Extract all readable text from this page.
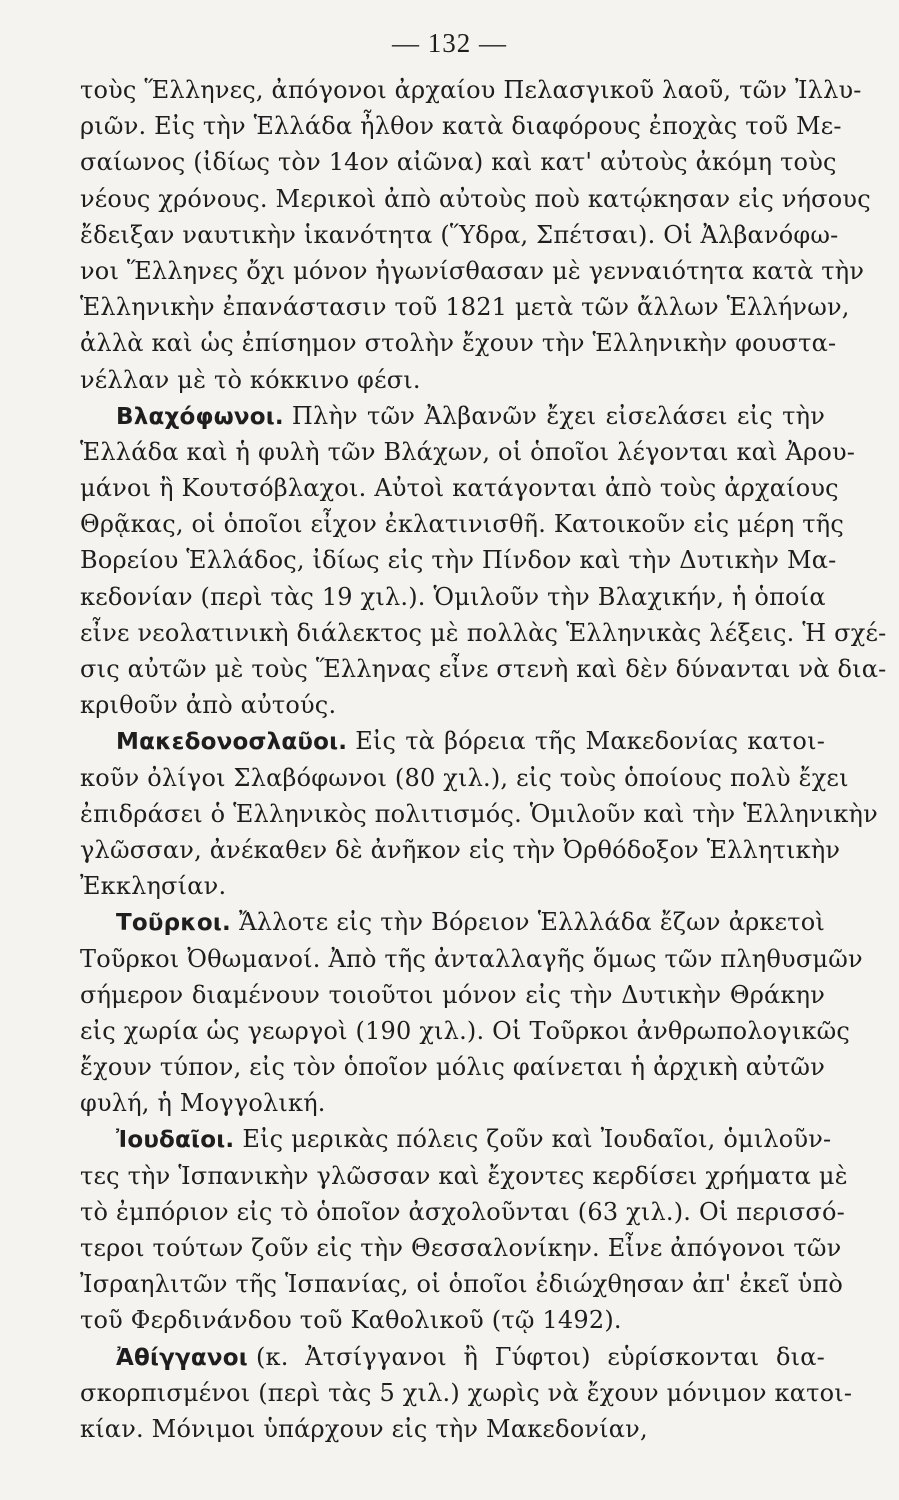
— 132 —
τοὺς Ἕλληνες, ἀπόγονοι ἀρχαίου Πελασγικοῦ λαοῦ, τῶν Ἰλλυ-
ριῶν. Εἰς τὴν Ἑλλάδα ἦλθον κατὰ διαφόρους ἐποχὰς τοῦ Με-
σαίωνος (ἰδίως τὸν 14ον αἰῶνα) καὶ κατ' αὐτοὺς ἀκόμη τοὺς
νέους χρόνους. Μερικοὶ ἀπὸ αὐτοὺς ποὺ κατῴκησαν εἰς νήσους
ἔδειξαν ναυτικὴν ἱκανότητα (Ὕδρα, Σπέτσαι). Οἱ Ἀλβανόφω-
νοι Ἕλληνες ὄχι μόνον ἠγωνίσθασαν μὲ γενναιότητα κατὰ τὴν
Ἑλληνικὴν ἐπανάστασιν τοῦ 1821 μετὰ τῶν ἄλλων Ἑλλήνων,
ἀλλὰ καὶ ὡς ἐπίσημον στολὴν ἔχουν τὴν Ἑλληνικὴν φουστα-
νέλλαν μὲ τὸ κόκκινο φέσι.
Βλαχόφωνοι. Πλὴν τῶν Ἀλβανῶν ἔχει εἰσελάσει εἰς τὴν
Ἑλλάδα καὶ ἡ φυλὴ τῶν Βλάχων, οἱ ὁποῖοι λέγονται καὶ Ἀρου-
μάνοι ἢ Κουτσόβλαχοι. Αὐτοὶ κατάγονται ἀπὸ τοὺς ἀρχαίους
Θρᾷκας, οἱ ὁποῖοι εἶχον ἐκλατινισθῆ. Κατοικοῦν εἰς μέρη τῆς
Βορείου Ἑλλάδος, ἰδίως εἰς τὴν Πίνδον καὶ τὴν Δυτικὴν Μα-
κεδονίαν (περὶ τὰς 19 χιλ.). Ὁμιλοῦν τὴν Βλαχικήν, ἡ ὁποία
εἶνε νεολατινικὴ διάλεκτος μὲ πολλὰς Ἑλληνικὰς λέξεις. Ἡ σχέ-
σις αὐτῶν μὲ τοὺς Ἕλληνας εἶνε στενὴ καὶ δὲν δύνανται νὰ δια-
κριθοῦν ἀπὸ αὐτούς.
Μακεδονοσλαῦοι. Εἰς τὰ βόρεια τῆς Μακεδονίας κατοι-
κοῦν ὀλίγοι Σλαβόφωνοι (80 χιλ.), εἰς τοὺς ὁποίους πολὺ ἔχει
ἐπιδράσει ὁ Ἑλληνικὸς πολιτισμός. Ὁμιλοῦν καὶ τὴν Ἑλληνικὴν
γλῶσσαν, ἀνέκαθεν δὲ ἀνῆκον εἰς τὴν Ὀρθόδοξον Ἑλλητικὴν
Ἐκκλησίαν.
Τοῦρκοι. Ἄλλοτε εἰς τὴν Βόρειον Ἑλλλάδα ἔζων ἀρκετοὶ
Τοῦρκοι Ὀθωμανοί. Ἀπὸ τῆς ἀνταλλαγῆς ὅμως τῶν πληθυσμῶν
σήμερον διαμένουν τοιοῦτοι μόνον εἰς τὴν Δυτικὴν Θράκην
εἰς χωρία ὡς γεωργοὶ (190 χιλ.). Οἱ Τοῦρκοι ἀνθρωπολογικῶς
ἔχουν τύπον, εἰς τὸν ὁποῖον μόλις φαίνεται ἡ ἀρχικὴ αὐτῶν
φυλή, ἡ Μογγολική.
Ἰουδαῖοι. Εἰς μερικὰς πόλεις ζοῦν καὶ Ἰουδαῖοι, ὁμιλοῦν-
τες τὴν Ἱσπανικὴν γλῶσσαν καὶ ἔχοντες κερδίσει χρήματα μὲ
τὸ ἐμπόριον εἰς τὸ ὁποῖον ἀσχολοῦνται (63 χιλ.). Οἱ περισσό-
τεροι τούτων ζοῦν εἰς τὴν Θεσσαλονίκην. Εἶνε ἀπόγονοι τῶν
Ἰσραηλιτῶν τῆς Ἱσπανίας, οἱ ὁποῖοι ἐδιώχθησαν ἀπ' ἐκεῖ ὑπὸ
τοῦ Φερδινάνδου τοῦ Καθολικοῦ (τῷ 1492).
Ἀθίγγανοι (κ. Ἀτσίγγανοι ἢ Γύφτοι) εὑρίσκονται δια-
σκορπισμένοι (περὶ τὰς 5 χιλ.) χωρὶς νὰ ἔχουν μόνιμον κατοι-
κίαν. Μόνιμοι ὑπάρχουν εἰς τὴν Μακεδονίαν,
